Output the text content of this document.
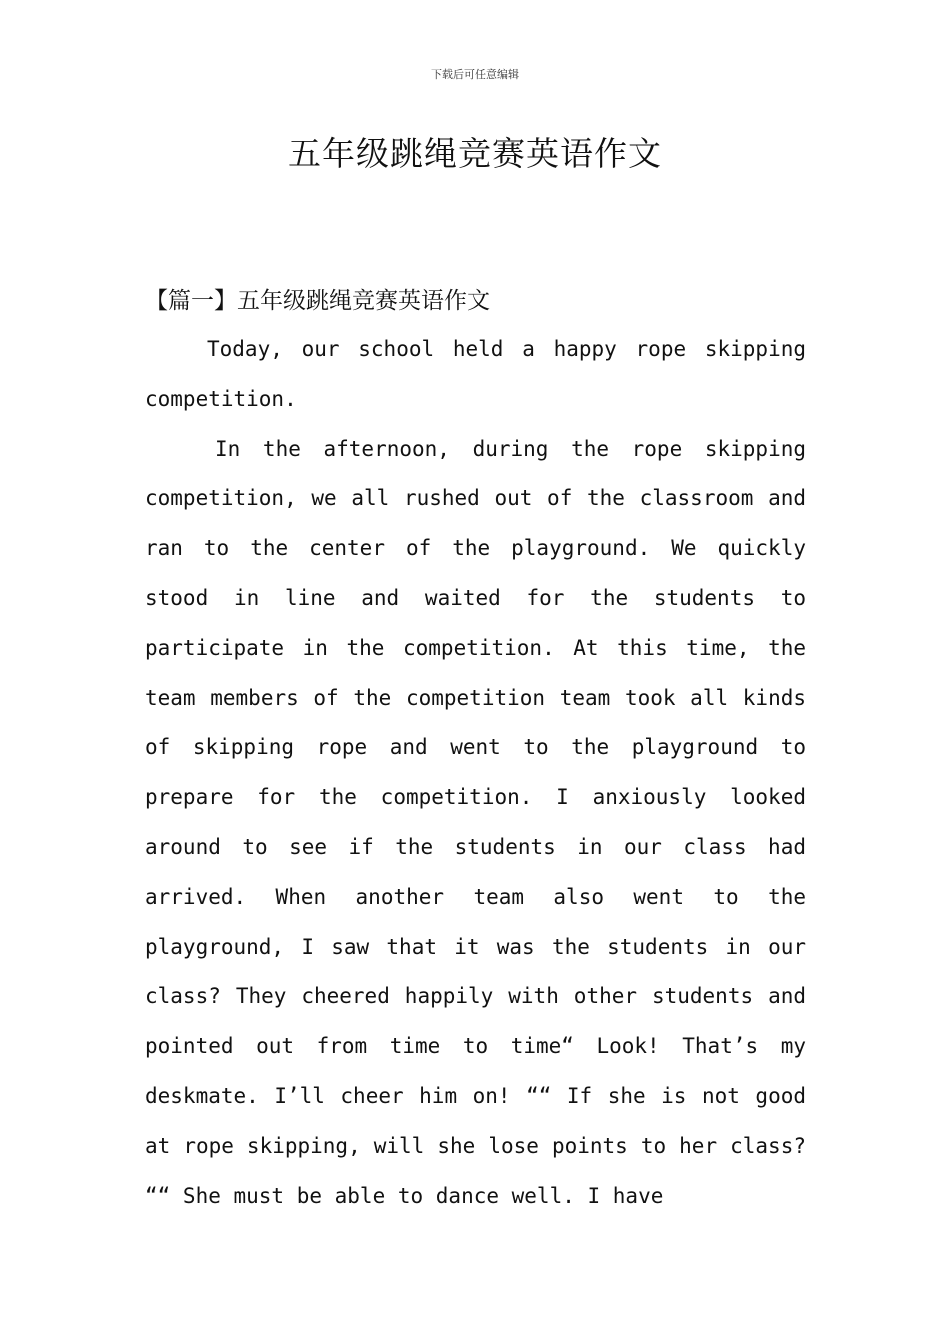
下载后可任意编辑
五年级跳绳竞赛英语作文
【篇一】五年级跳绳竞赛英语作文

Today, our school held a happy rope skipping competition.

In the afternoon, during the rope skipping competition, we all rushed out of the classroom and ran to the center of the playground. We quickly stood in line and waited for the students to participate in the competition. At this time, the team members of the competition team took all kinds of skipping rope and went to the playground to prepare for the competition. I anxiously looked around to see if the students in our class had arrived. When another team also went to the playground, I saw that it was the students in our class? They cheered happily with other students and pointed out from time to time“ Look! That’s my deskmate. I’ll cheer him on! ““ If she is not good at rope skipping, will she lose points to her class? ““ She must be able to dance well. I have
